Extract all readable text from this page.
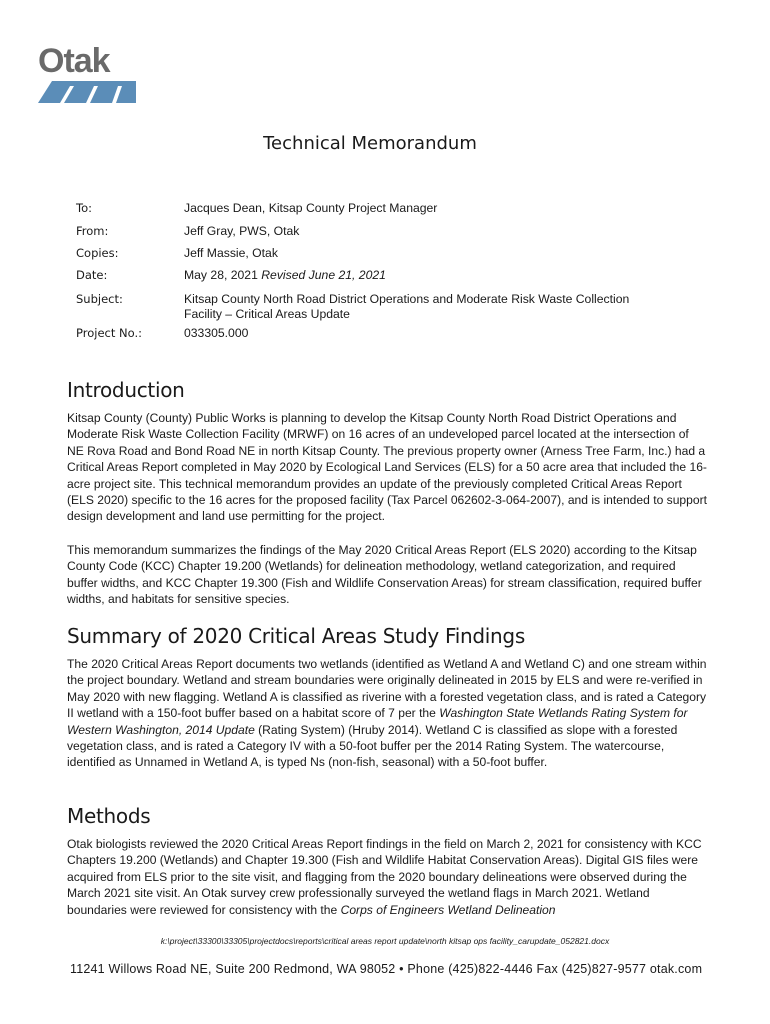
Otak
Technical Memorandum
To:	Jacques Dean, Kitsap County Project Manager
From:	Jeff Gray, PWS, Otak
Copies:	Jeff Massie, Otak
Date:	May 28, 2021 Revised June 21, 2021
Subject:	Kitsap County North Road District Operations and Moderate Risk Waste Collection
Facility – Critical Areas Update
Project No.:	033305.000
Introduction

Kitsap County (County) Public Works is planning to develop the Kitsap County North Road District Operations and Moderate Risk Waste Collection Facility (MRWF) on 16 acres of an undeveloped parcel located at the intersection of NE Rova Road and Bond Road NE in north Kitsap County. The previous property owner (Arness Tree Farm, Inc.) had a Critical Areas Report completed in May 2020 by Ecological Land Services (ELS) for a 50 acre area that included the 16-acre project site. This technical memorandum provides an update of the previously completed Critical Areas Report (ELS 2020) specific to the 16 acres for the proposed facility (Tax Parcel 062602-3-064-2007), and is intended to support design development and land use permitting for the project.

This memorandum summarizes the findings of the May 2020 Critical Areas Report (ELS 2020) according to the Kitsap County Code (KCC) Chapter 19.200 (Wetlands) for delineation methodology, wetland categorization, and required buffer widths, and KCC Chapter 19.300 (Fish and Wildlife Conservation Areas) for stream classification, required buffer widths, and habitats for sensitive species.

Summary of 2020 Critical Areas Study Findings

The 2020 Critical Areas Report documents two wetlands (identified as Wetland A and Wetland C) and one stream within the project boundary. Wetland and stream boundaries were originally delineated in 2015 by ELS and were re-verified in May 2020 with new flagging. Wetland A is classified as riverine with a forested vegetation class, and is rated a Category II wetland with a 150-foot buffer based on a habitat score of 7 per the Washington State Wetlands Rating System for Western Washington, 2014 Update (Rating System) (Hruby 2014). Wetland C is classified as slope with a forested vegetation class, and is rated a Category IV with a 50-foot buffer per the 2014 Rating System. The watercourse, identified as Unnamed in Wetland A, is typed Ns (non-fish, seasonal) with a 50-foot buffer.

Methods

Otak biologists reviewed the 2020 Critical Areas Report findings in the field on March 2, 2021 for consistency with KCC Chapters 19.200 (Wetlands) and Chapter 19.300 (Fish and Wildlife Habitat Conservation Areas). Digital GIS files were acquired from ELS prior to the site visit, and flagging from the 2020 boundary delineations were observed during the March 2021 site visit. An Otak survey crew professionally surveyed the wetland flags in March 2021. Wetland boundaries were reviewed for consistency with the Corps of Engineers Wetland Delineation

k:\project\33300\33305\projectdocs\reports\critical areas report update\north kitsap ops facility_carupdate_052821.docx
11241 Willows Road NE, Suite 200 Redmond, WA 98052 • Phone (425)822-4446 Fax (425)827-9577 otak.com
